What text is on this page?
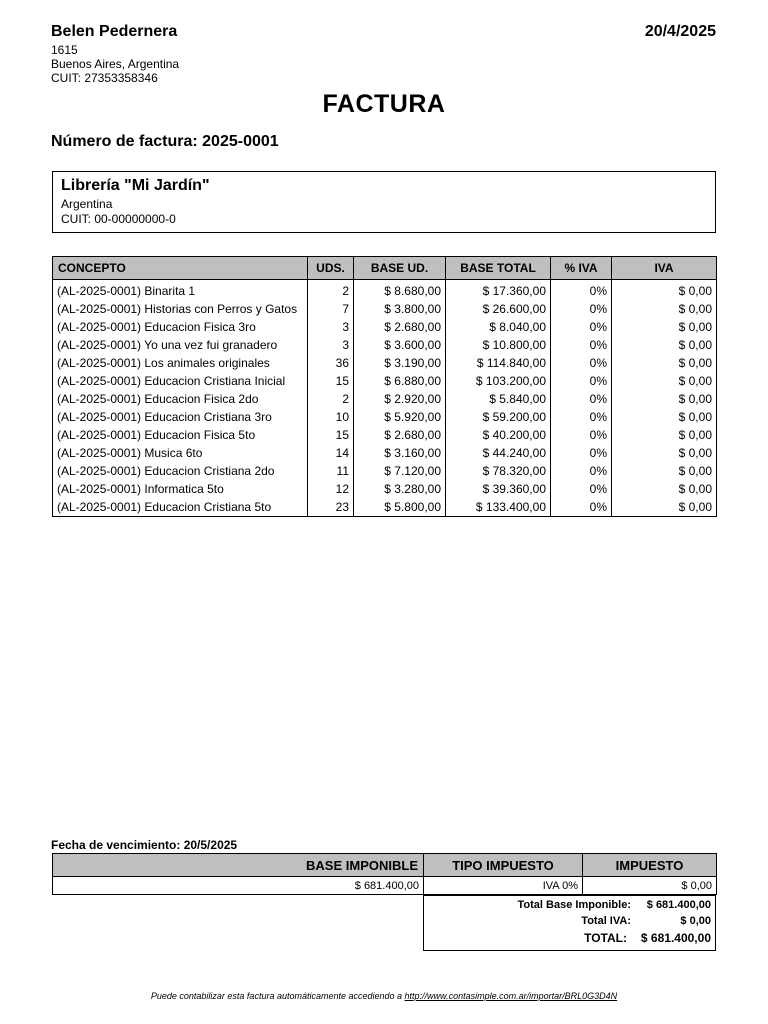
Belen Pedernera	20/4/2025
1615
Buenos Aires, Argentina
CUIT: 27353358346
FACTURA
Número de factura: 2025-0001
Librería "Mi Jardín"
Argentina
CUIT: 00-00000000-0
CONCEPTO	UDS.	BASE UD.	BASE TOTAL	% IVA	IVA

(AL-2025-0001) Binarita 1	2	$ 8.680,00	$ 17.360,00	0%	$ 0,00
(AL-2025-0001) Historias con Perros y Gatos	7	$ 3.800,00	$ 26.600,00	0%	$ 0,00
(AL-2025-0001) Educacion Fisica 3ro	3	$ 2.680,00	$ 8.040,00	0%	$ 0,00
(AL-2025-0001) Yo una vez fui granadero	3	$ 3.600,00	$ 10.800,00	0%	$ 0,00
(AL-2025-0001) Los animales originales	36	$ 3.190,00	$ 114.840,00	0%	$ 0,00
(AL-2025-0001) Educacion Cristiana Inicial	15	$ 6.880,00	$ 103.200,00	0%	$ 0,00
(AL-2025-0001) Educacion Fisica 2do	2	$ 2.920,00	$ 5.840,00	0%	$ 0,00
(AL-2025-0001) Educacion Cristiana 3ro	10	$ 5.920,00	$ 59.200,00	0%	$ 0,00
(AL-2025-0001) Educacion Fisica 5to	15	$ 2.680,00	$ 40.200,00	0%	$ 0,00
(AL-2025-0001) Musica 6to	14	$ 3.160,00	$ 44.240,00	0%	$ 0,00
(AL-2025-0001) Educacion Cristiana 2do	11	$ 7.120,00	$ 78.320,00	0%	$ 0,00
(AL-2025-0001) Informatica 5to	12	$ 3.280,00	$ 39.360,00	0%	$ 0,00
(AL-2025-0001) Educacion Cristiana 5to	23	$ 5.800,00	$ 133.400,00	0%	$ 0,00
Fecha de vencimiento: 20/5/2025
BASE IMPONIBLE	TIPO IMPUESTO	IMPUESTO
$ 681.400,00	IVA 0%	$ 0,00
Total Base Imponible:	$ 681.400,00
Total IVA:	$ 0,00
TOTAL:	$ 681.400,00
Puede contabilizar esta factura automáticamente accediendo a http://www.contasimple.com.ar/importar/BRL0G3D4N
